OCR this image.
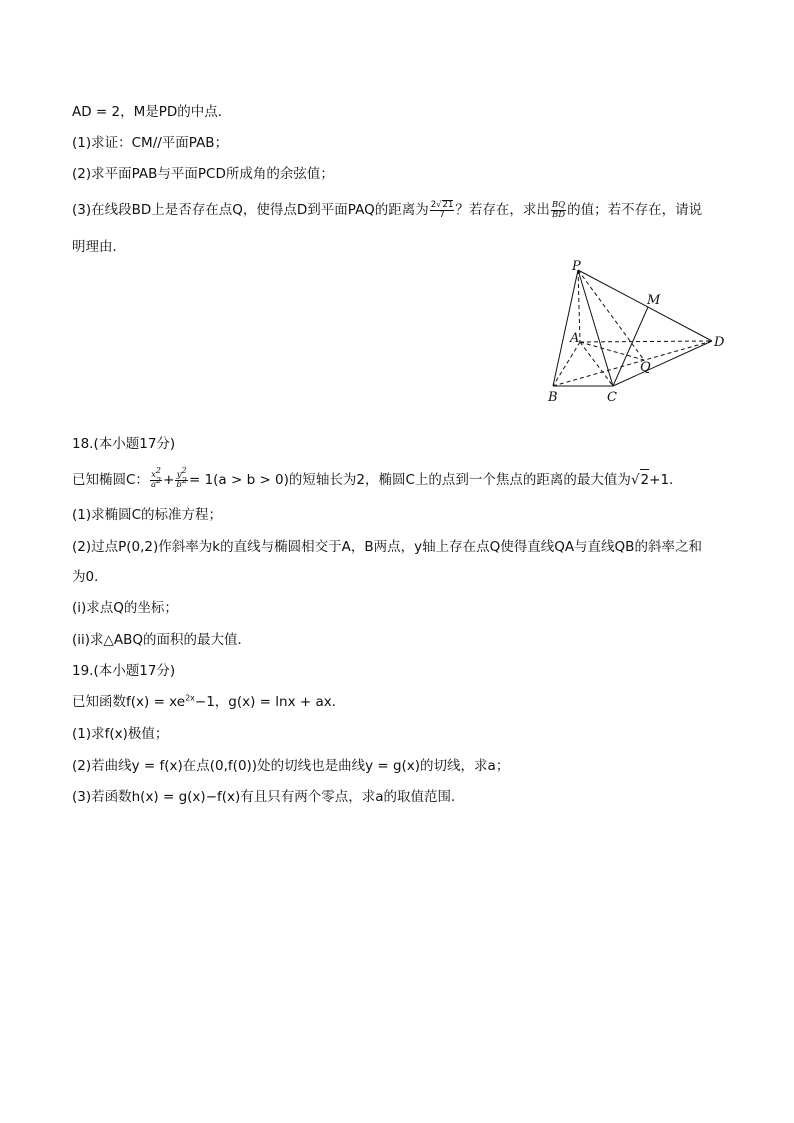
AD = 2，M是PD的中点．
(1)求证：CM//平面PAB；
(2)求平面PAB与平面PCD所成角的余弦值；
(3)在线段BD上是否存在点Q，使得点D到平面PAQ的距离为 $\frac{2√21}{7}$ ？若存在，求出 $\frac{BQ}{BD}$ 的值；若不存在，请说
明理由．
P
M
A	D
Q
B	C
18.(本小题17分)
已知椭圆C： $\frac{x^2}{a^2} + \frac{y^2}{b^2} = 1(a > b > 0)$的短轴长为2，椭圆C上的点到一个焦点的距离的最大值为√2+1．
(1)求椭圆C的标准方程；
(2)过点P(0,2)作斜率为k的直线与椭圆相交于A，B两点，y轴上存在点Q使得直线QA与直线QB的斜率之和
为0．
(i)求点Q的坐标；
(ii)求△ABQ的面积的最大值．
19.(本小题17分)
已知函数$f(x) = xe^{2x}-1$，g(x) = lnx + ax．
(1)求f(x)极值；
(2)若曲线y = f(x)在点(0,f(0))处的切线也是曲线y = g(x)的切线，求a；
(3)若函数h(x) = g(x)−f(x)有且只有两个零点，求a的取值范围．
